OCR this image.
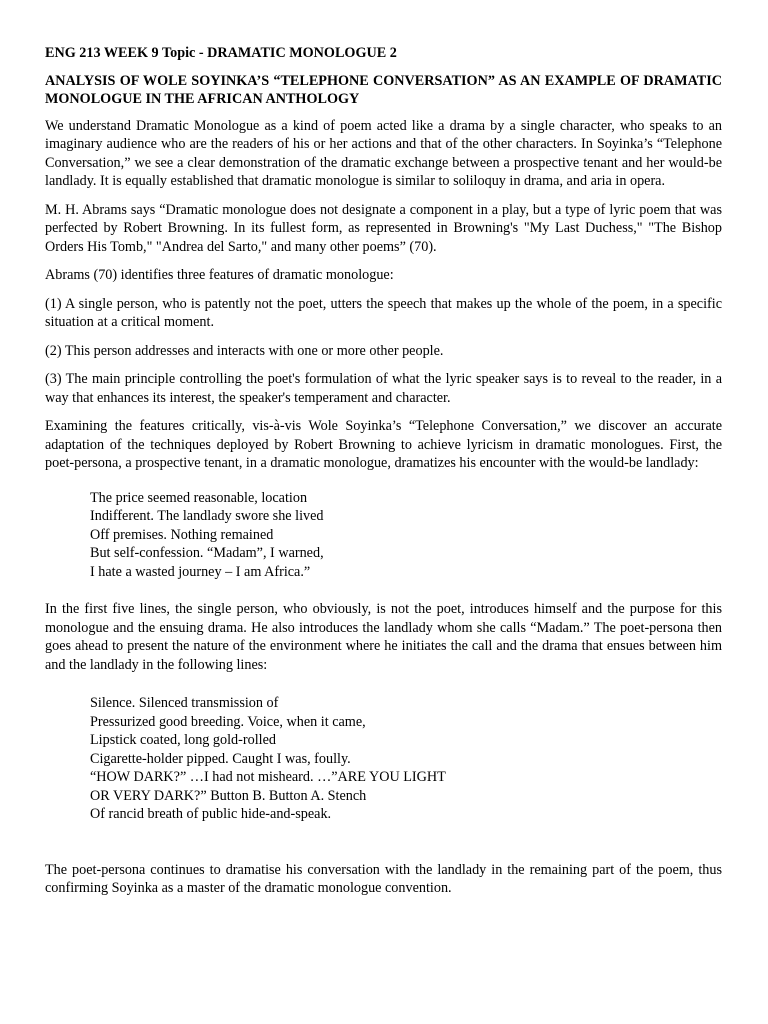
ENG 213 WEEK 9 Topic - DRAMATIC MONOLOGUE 2
ANALYSIS OF WOLE SOYINKA’S “TELEPHONE CONVERSATION” AS AN EXAMPLE OF DRAMATIC MONOLOGUE IN THE AFRICAN ANTHOLOGY

We understand Dramatic Monologue as a kind of poem acted like a drama by a single character, who speaks to an imaginary audience who are the readers of his or her actions and that of the other characters. In Soyinka’s “Telephone Conversation,” we see a clear demonstration of the dramatic exchange between a prospective tenant and her would-be landlady. It is equally established that dramatic monologue is similar to soliloquy in drama, and aria in opera.

M. H. Abrams says “Dramatic monologue does not designate a component in a play, but a type of lyric poem that was perfected by Robert Browning. In its fullest form, as represented in Browning's "My Last Duchess," "The Bishop Orders His Tomb," "Andrea del Sarto," and many other poems” (70).

Abrams (70) identifies three features of dramatic monologue:

(1) A single person, who is patently not the poet, utters the speech that makes up the whole of the poem, in a specific situation at a critical moment.

(2) This person addresses and interacts with one or more other people.

(3) The main principle controlling the poet's formulation of what the lyric speaker says is to reveal to the reader, in a way that enhances its interest, the speaker's temperament and character.

Examining the features critically, vis-à-vis Wole Soyinka’s “Telephone Conversation,” we discover an accurate adaptation of the techniques deployed by Robert Browning to achieve lyricism in dramatic monologues. First, the poet-persona, a prospective tenant, in a dramatic monologue, dramatizes his encounter with the would-be landlady:

The price seemed reasonable, location
Indifferent. The landlady swore she lived
Off premises. Nothing remained
But self-confession. “Madam”, I warned,
I hate a wasted journey – I am Africa.”

In the first five lines, the single person, who obviously, is not the poet, introduces himself and the purpose for this monologue and the ensuing drama. He also introduces the landlady whom she calls “Madam.” The poet-persona then goes ahead to present the nature of the environment where he initiates the call and the drama that ensues between him and the landlady in the following lines:

Silence. Silenced transmission of
Pressurized good breeding. Voice, when it came,
Lipstick coated, long gold-rolled
Cigarette-holder pipped. Caught I was, foully.
“HOW DARK?” …I had not misheard. …”ARE YOU LIGHT
OR VERY DARK?” Button B. Button A. Stench
Of rancid breath of public hide-and-speak.

The poet-persona continues to dramatise his conversation with the landlady in the remaining part of the poem, thus confirming Soyinka as a master of the dramatic monologue convention.
